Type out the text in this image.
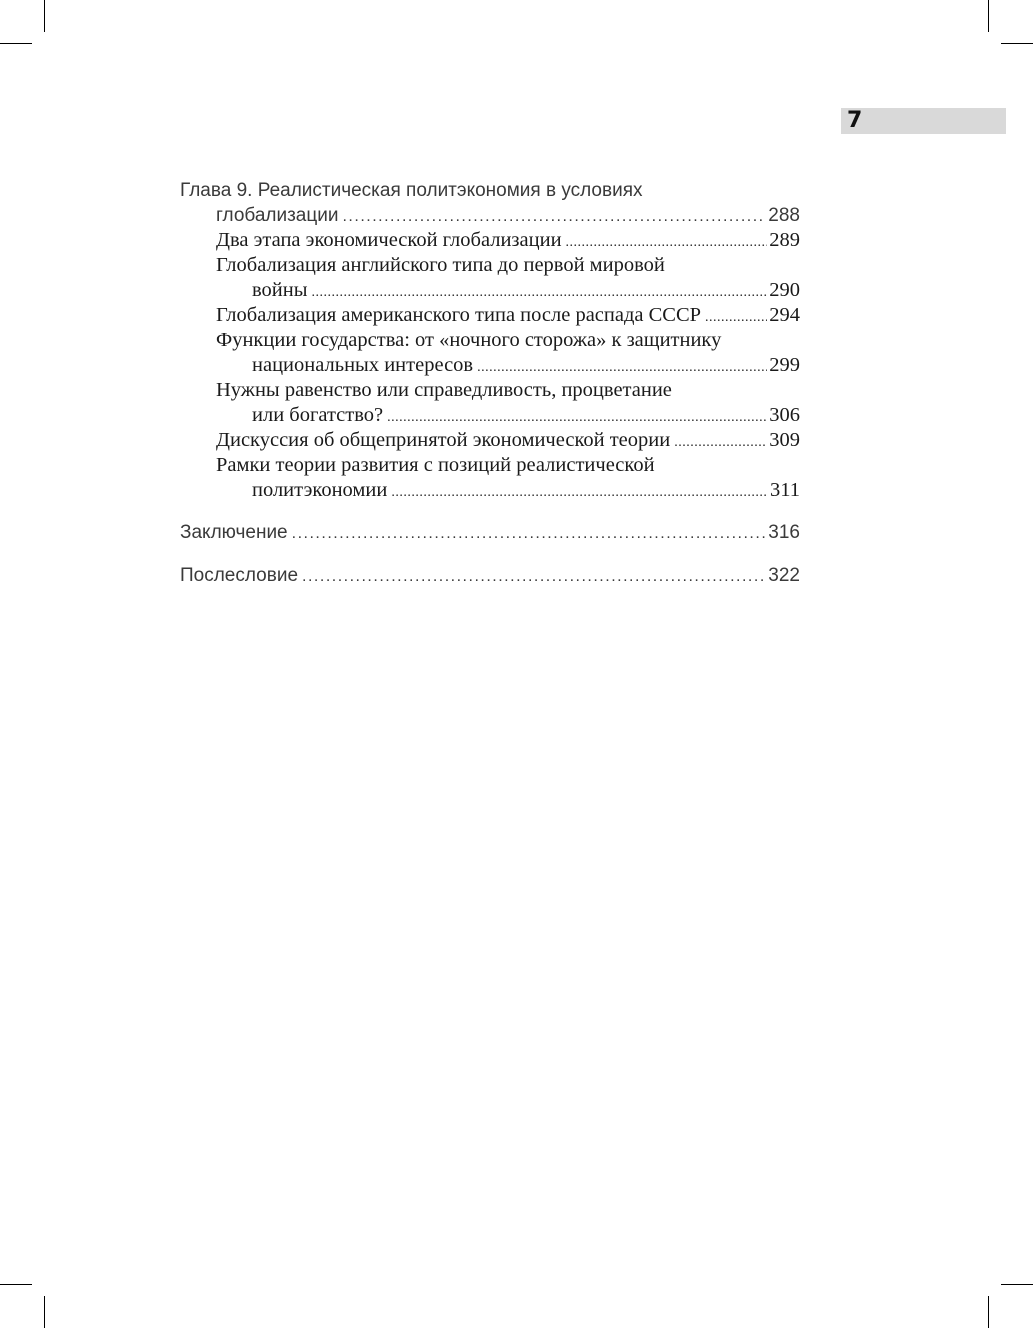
7
Глава 9. Реалистическая политэкономия в условиях
глобализации .....	288
Два этапа экономической глобализации .....	289
Глобализация английского типа до первой мировой
войны .....	290
Глобализация американского типа после распада СССР .....	294
Функции государства: от «ночного сторожа» к защитнику
национальных интересов .....	299
Нужны равенство или справедливость, процветание
или богатство? .....	306
Дискуссия об общепринятой экономической теории .....	309
Рамки теории развития с позиций реалистической
политэкономии .....	311
Заключение .....	316
Послесловие .....	322
